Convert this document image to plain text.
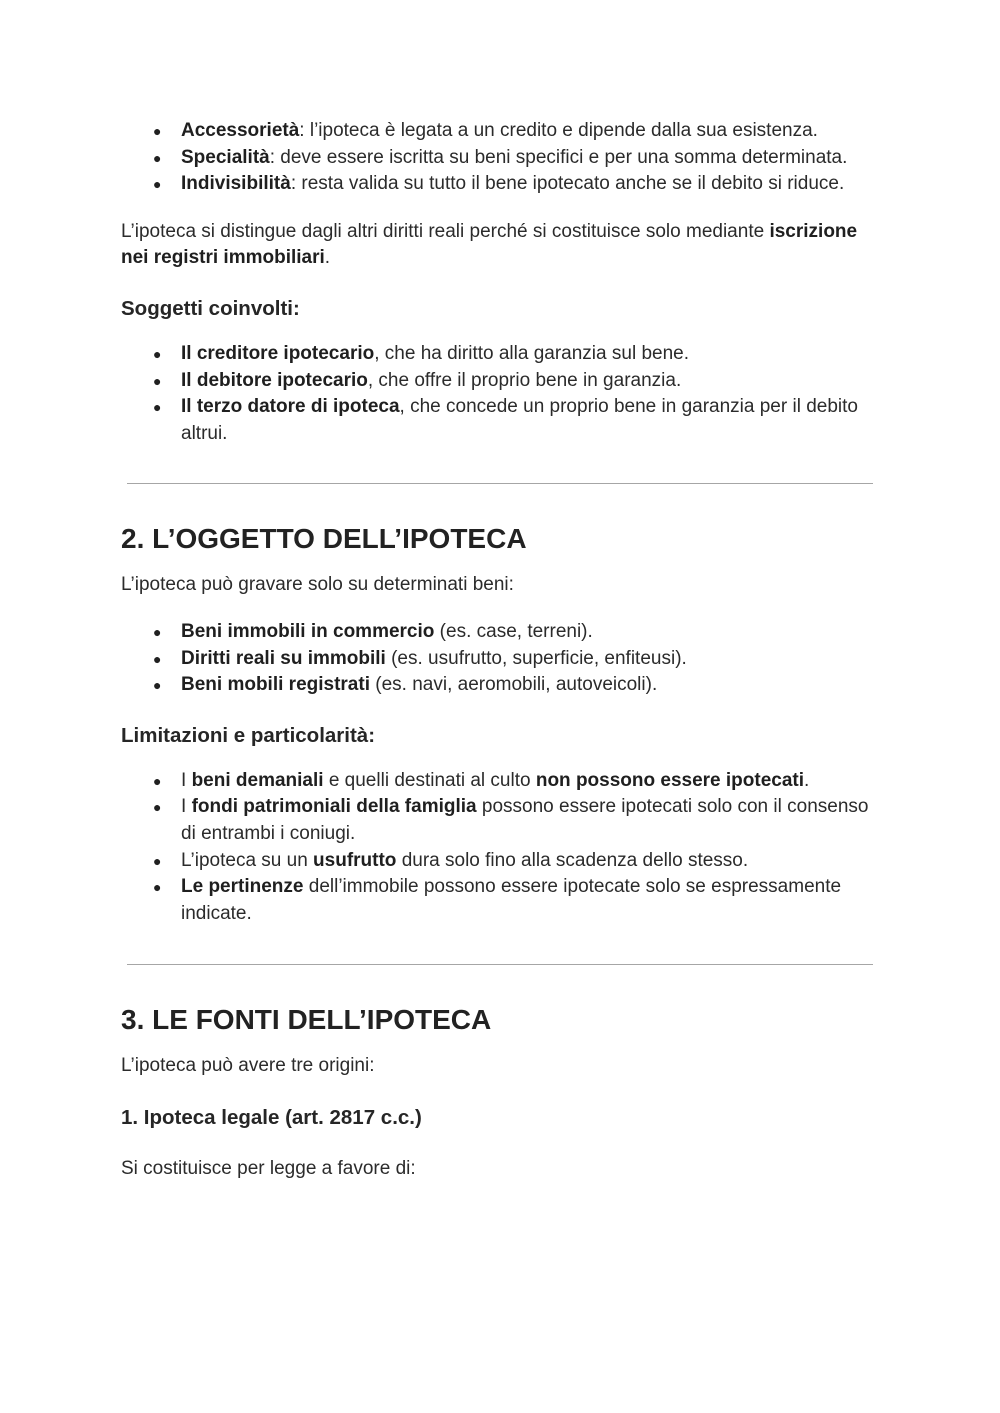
● Accessorietà: l’ipoteca è legata a un credito e dipende dalla sua esistenza.
● Specialità: deve essere iscritta su beni specifici e per una somma determinata.
● Indivisibilità: resta valida su tutto il bene ipotecato anche se il debito si riduce.

L’ipoteca si distingue dagli altri diritti reali perché si costituisce solo mediante iscrizione nei registri immobiliari.

Soggetti coinvolti:
● Il creditore ipotecario, che ha diritto alla garanzia sul bene.
● Il debitore ipotecario, che offre il proprio bene in garanzia.
● Il terzo datore di ipoteca, che concede un proprio bene in garanzia per il debito altrui.
2. L’OGGETTO DELL’IPOTECA

L’ipoteca può gravare solo su determinati beni:

● Beni immobili in commercio (es. case, terreni).
● Diritti reali su immobili (es. usufrutto, superficie, enfiteusi).
● Beni mobili registrati (es. navi, aeromobili, autoveicoli).
Limitazioni e particolarità:
● I beni demaniali e quelli destinati al culto non possono essere ipotecati.
● I fondi patrimoniali della famiglia possono essere ipotecati solo con il consenso di entrambi i coniugi.
● L’ipoteca su un usufrutto dura solo fino alla scadenza dello stesso.
● Le pertinenze dell’immobile possono essere ipotecate solo se espressamente indicate.
3. LE FONTI DELL’IPOTECA

L’ipoteca può avere tre origini:

1. Ipoteca legale (art. 2817 c.c.)

Si costituisce per legge a favore di:
